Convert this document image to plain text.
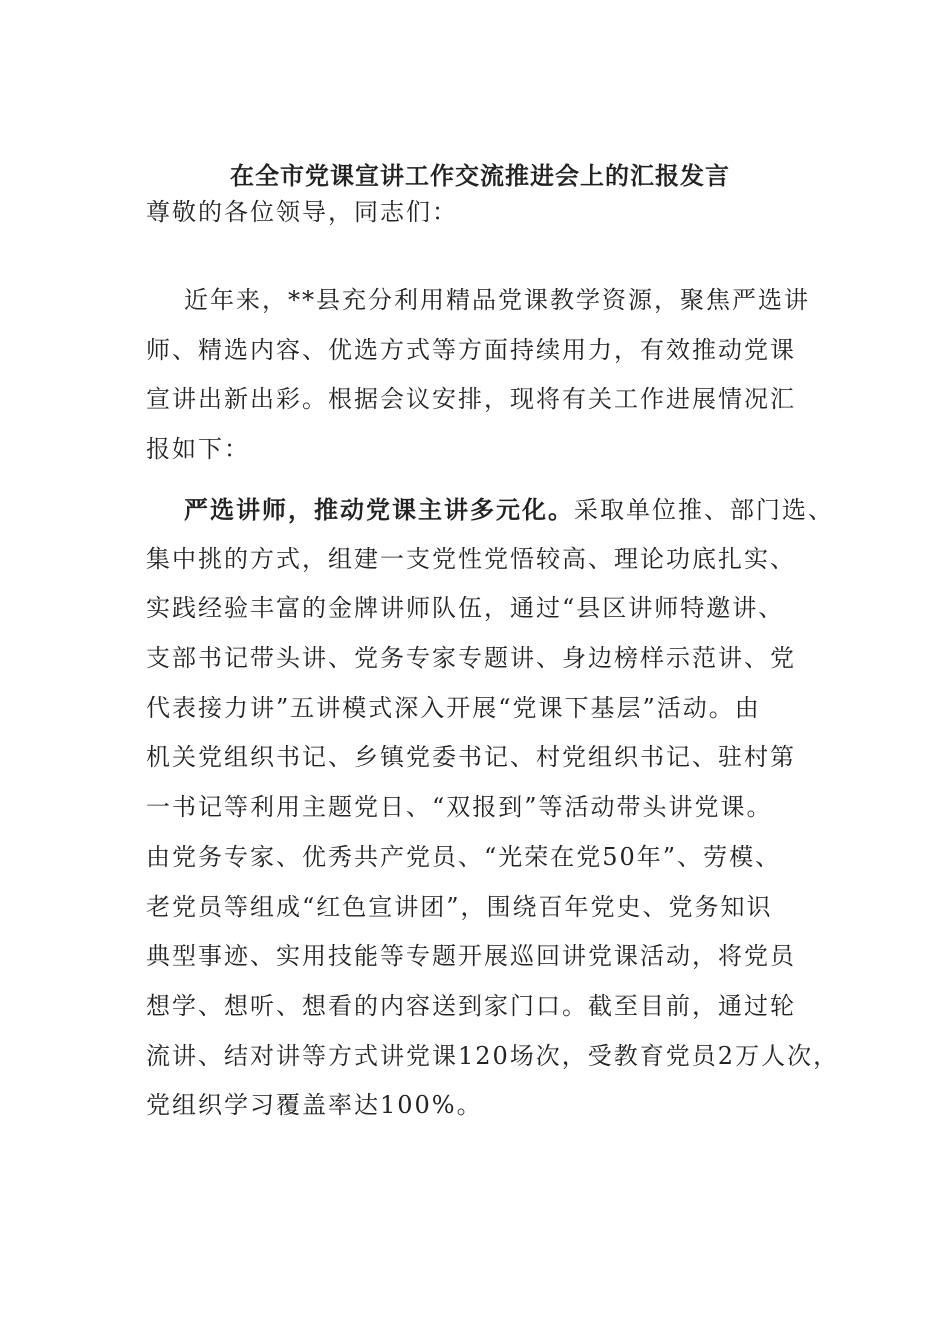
在全市党课宣讲工作交流推进会上的汇报发言
尊敬的各位领导，同志们：
近年来，**县充分利用精品党课教学资源，聚焦严选讲
师、精选内容、优选方式等方面持续用力，有效推动党课
宣讲出新出彩。根据会议安排，现将有关工作进展情况汇
报如下：
严选讲师，推动党课主讲多元化。采取单位推、部门选、
集中挑的方式，组建一支党性党悟较高、理论功底扎实、
实践经验丰富的金牌讲师队伍，通过“县区讲师特邀讲、
支部书记带头讲、党务专家专题讲、身边榜样示范讲、党
代表接力讲”五讲模式深入开展“党课下基层”活动。由
机关党组织书记、乡镇党委书记、村党组织书记、驻村第
一书记等利用主题党日、“双报到”等活动带头讲党课。
由党务专家、优秀共产党员、“光荣在党50年”、劳模、
老党员等组成“红色宣讲团”，围绕百年党史、党务知识
典型事迹、实用技能等专题开展巡回讲党课活动，将党员
想学、想听、想看的内容送到家门口。截至目前，通过轮
流讲、结对讲等方式讲党课120场次，受教育党员2万人次，
党组织学习覆盖率达100%。
